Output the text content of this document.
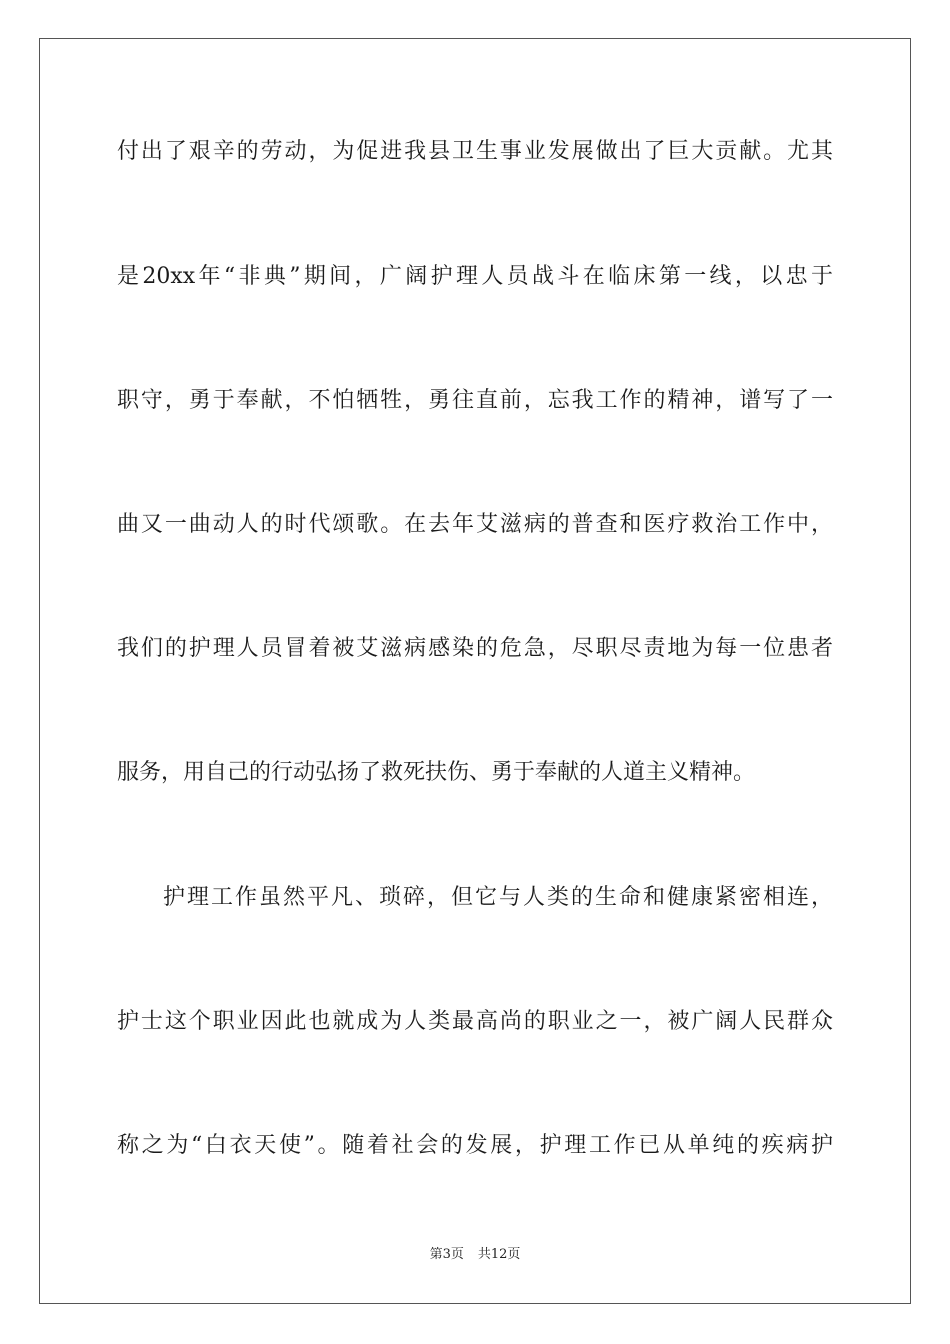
付出了艰辛的劳动，为促进我县卫生事业发展做出了巨大贡献。尤其
是20xx年“非典”期间，广阔护理人员战斗在临床第一线，以忠于
职守，勇于奉献，不怕牺牲，勇往直前，忘我工作的精神，谱写了一
曲又一曲动人的时代颂歌。在去年艾滋病的普查和医疗救治工作中，
我们的护理人员冒着被艾滋病感染的危急，尽职尽责地为每一位患者
服务，用自己的行动弘扬了救死扶伤、勇于奉献的人道主义精神。
护理工作虽然平凡、琐碎，但它与人类的生命和健康紧密相连，
护士这个职业因此也就成为人类最高尚的职业之一，被广阔人民群众
称之为“白衣天使”。随着社会的发展，护理工作已从单纯的疾病护
第3页 共12页
